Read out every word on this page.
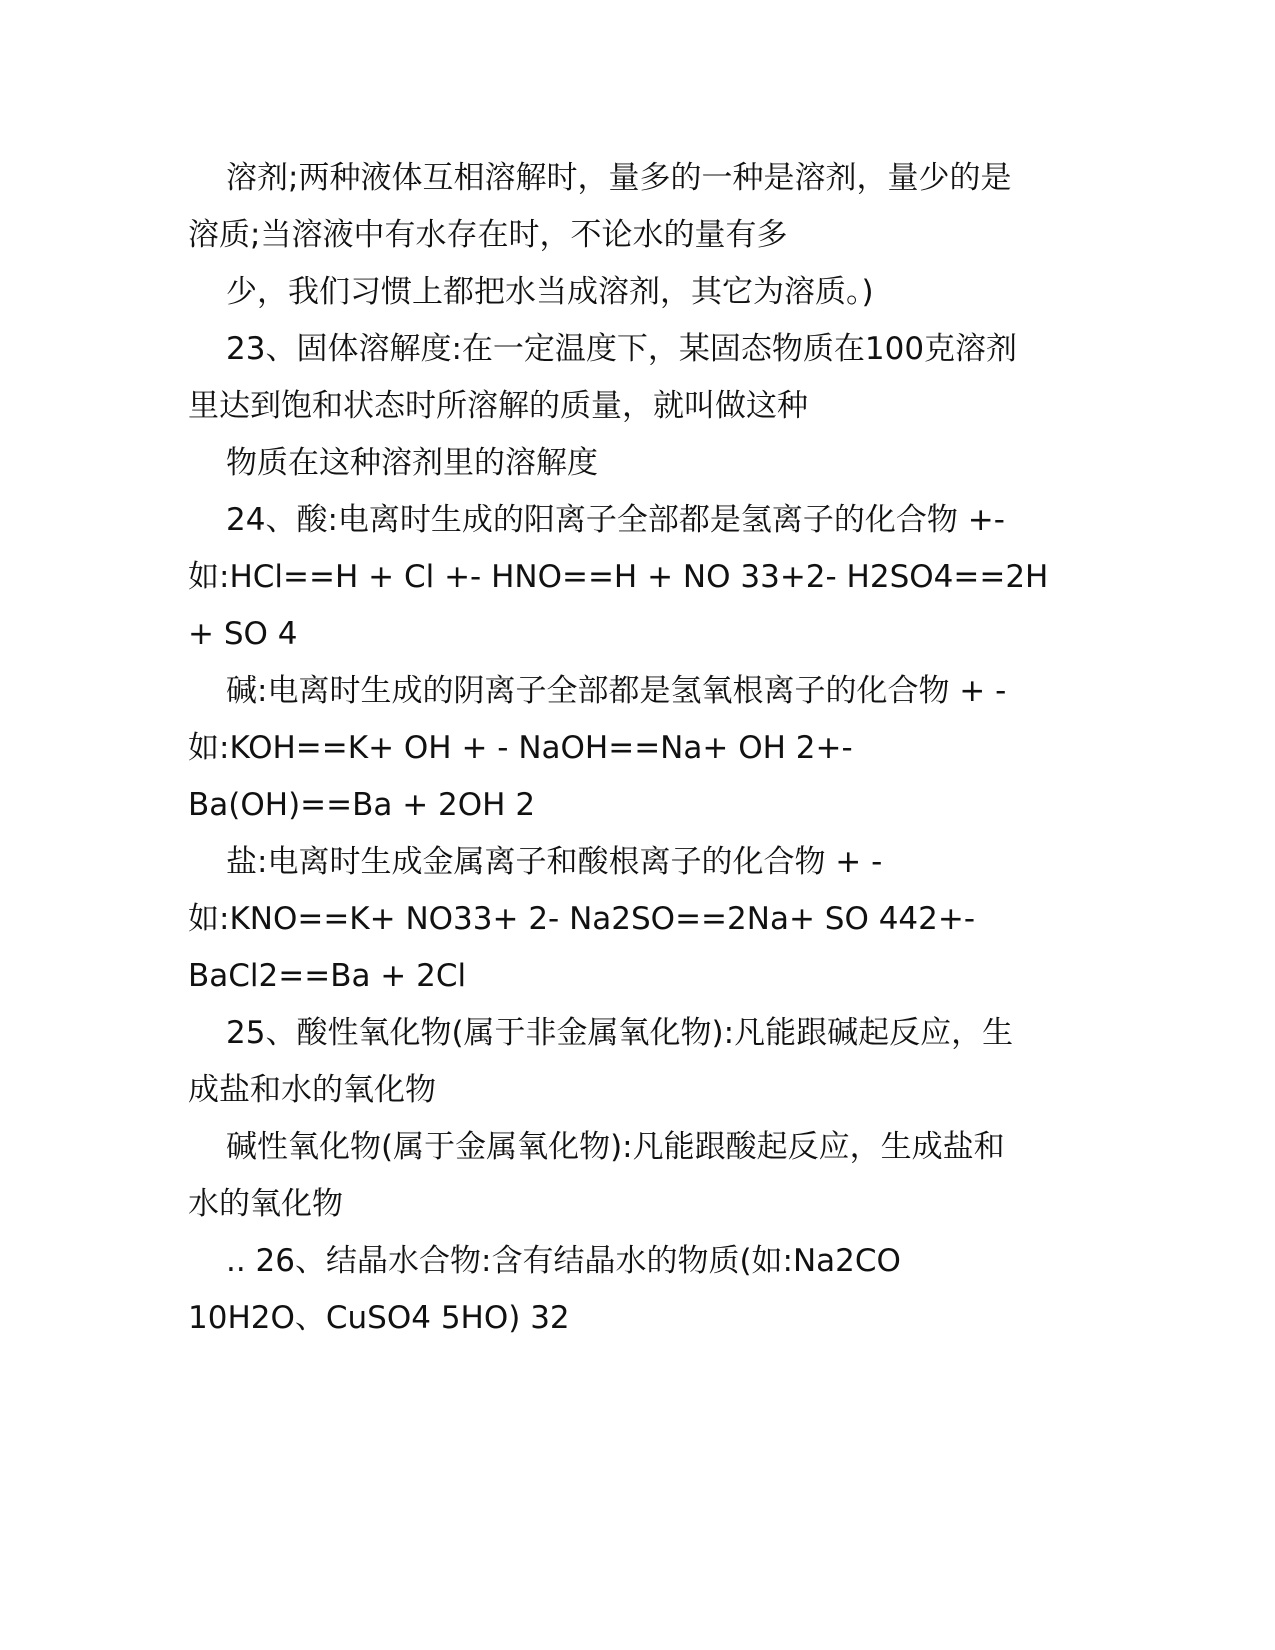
溶剂;两种液体互相溶解时，量多的一种是溶剂，量少的是

溶质;当溶液中有水存在时，不论水的量有多

少，我们习惯上都把水当成溶剂，其它为溶质。)

23、固体溶解度:在一定温度下，某固态物质在100克溶剂

里达到饱和状态时所溶解的质量，就叫做这种

物质在这种溶剂里的溶解度

24、酸:电离时生成的阳离子全部都是氢离子的化合物 +-

如:HCl==H + Cl +- HNO==H + NO 33+2- H2SO4==2H

+ SO 4

碱:电离时生成的阴离子全部都是氢氧根离子的化合物 + -

如:KOH==K+ OH + - NaOH==Na+ OH 2+-

Ba(OH)==Ba + 2OH 2

盐:电离时生成金属离子和酸根离子的化合物 + -

如:KNO==K+ NO33+ 2- Na2SO==2Na+ SO 442+-

BaCl2==Ba + 2Cl

25、酸性氧化物(属于非金属氧化物):凡能跟碱起反应，生

成盐和水的氧化物

碱性氧化物(属于金属氧化物):凡能跟酸起反应，生成盐和

水的氧化物

.. 26、结晶水合物:含有结晶水的物质(如:Na2CO

10H2O、CuSO4 5HO) 32
